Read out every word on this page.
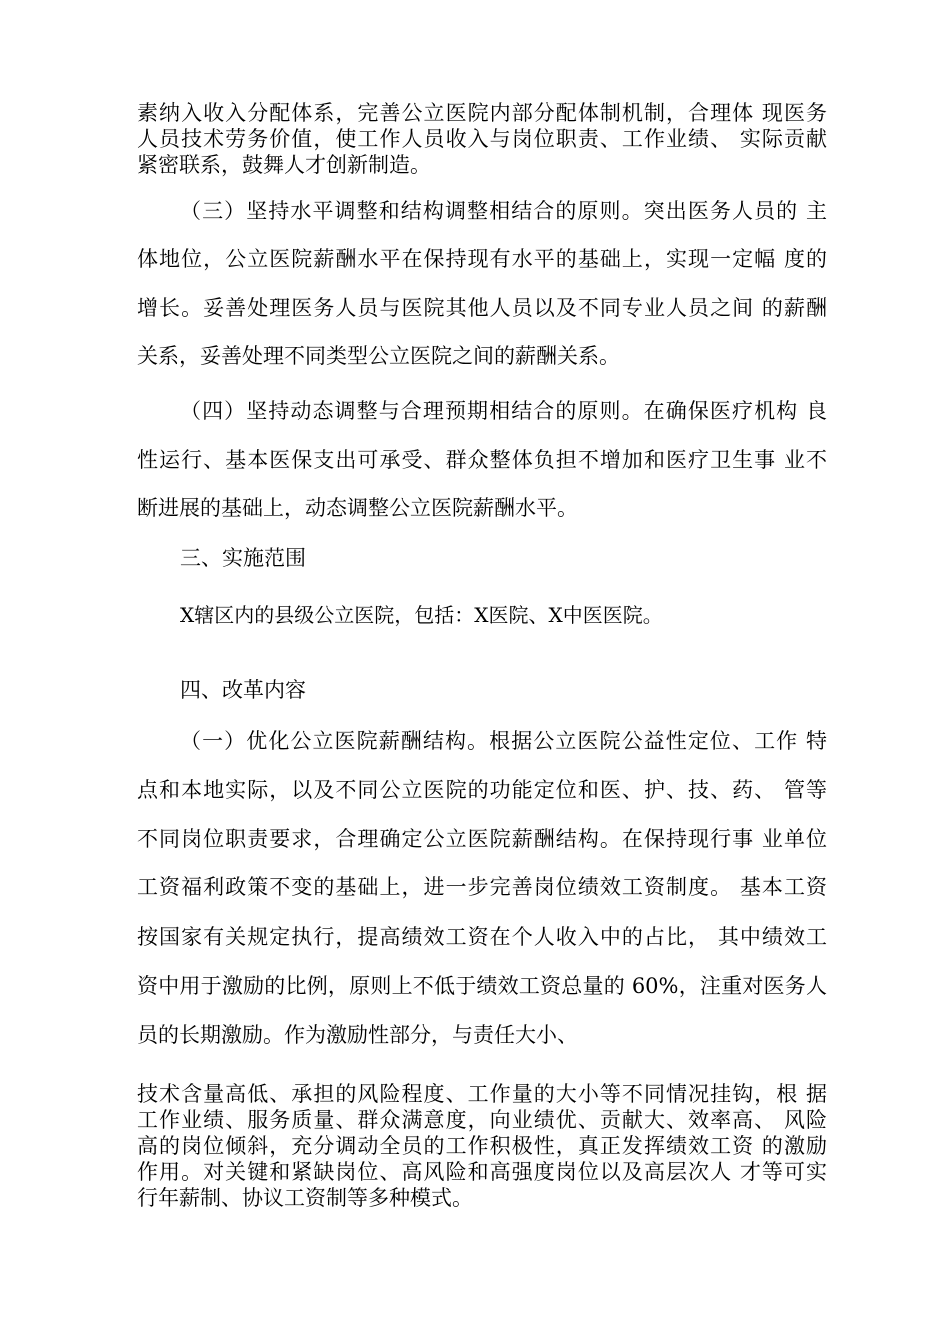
素纳入收入分配体系，完善公立医院内部分配体制机制，合理体 现医务
人员技术劳务价值，使工作人员收入与岗位职责、工作业绩、 实际贡献
紧密联系，鼓舞人才创新制造。
（三）坚持水平调整和结构调整相结合的原则。突出医务人员的 主
体地位，公立医院薪酬水平在保持现有水平的基础上，实现一定幅 度的
增长。妥善处理医务人员与医院其他人员以及不同专业人员之间 的薪酬
关系，妥善处理不同类型公立医院之间的薪酬关系。
（四）坚持动态调整与合理预期相结合的原则。在确保医疗机构 良
性运行、基本医保支出可承受、群众整体负担不增加和医疗卫生事 业不
断进展的基础上，动态调整公立医院薪酬水平。
三、实施范围
X辖区内的县级公立医院，包括：X医院、X中医医院。
四、改革内容
（一）优化公立医院薪酬结构。根据公立医院公益性定位、工作 特
点和本地实际，以及不同公立医院的功能定位和医、护、技、药、 管等
不同岗位职责要求，合理确定公立医院薪酬结构。在保持现行事 业单位
工资福利政策不变的基础上，进一步完善岗位绩效工资制度。 基本工资
按国家有关规定执行，提高绩效工资在个人收入中的占比， 其中绩效工
资中用于激励的比例，原则上不低于绩效工资总量的 60%，注重对医务人
员的长期激励。作为激励性部分，与责任大小、
技术含量高低、承担的风险程度、工作量的大小等不同情况挂钩，根 据
工作业绩、服务质量、群众满意度，向业绩优、贡献大、效率高、 风险
高的岗位倾斜，充分调动全员的工作积极性，真正发挥绩效工资 的激励
作用。对关键和紧缺岗位、高风险和高强度岗位以及高层次人 才等可实
行年薪制、协议工资制等多种模式。
